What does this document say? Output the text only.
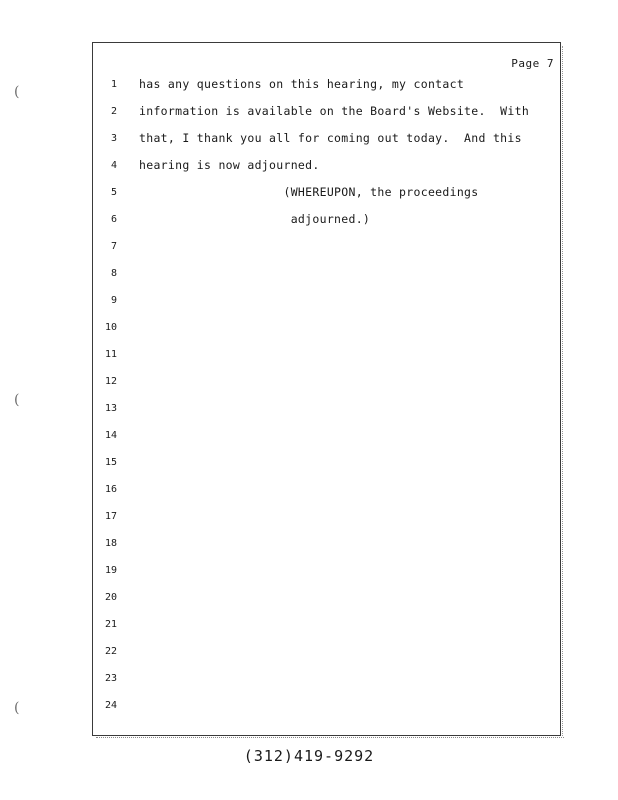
(
(
(
Page 7
1
2
3
4
5
6
7
8
9
10
11
12
13
14
15
16
17
18
19
20
21
22
23
24
has any questions on this hearing, my contact
information is available on the Board's Website.  With
that, I thank you all for coming out today.  And this
hearing is now adjourned.
(WHEREUPON, the proceedings
adjourned.)
(312)419-9292
